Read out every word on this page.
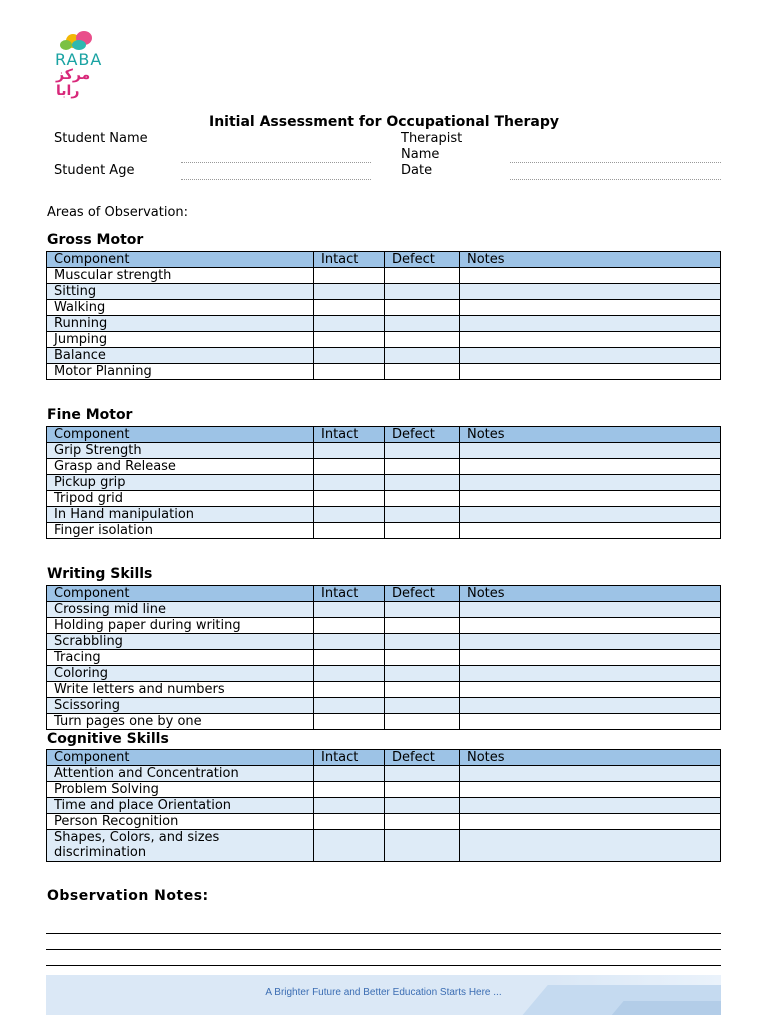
RABA
مركز رابا
Initial Assessment for Occupational Therapy
Student Name
Student Age
Therapist
Name
Date
Areas of Observation:
Gross Motor
Component	Intact	Defect	Notes
Muscular strength			
Sitting			
Walking			
Running			
Jumping			
Balance			
Motor Planning			
Fine Motor
Component	Intact	Defect	Notes
Grip Strength			
Grasp and Release			
Pickup grip			
Tripod grid			
In Hand manipulation			
Finger isolation			
Writing Skills
Component	Intact	Defect	Notes
Crossing mid line			
Holding paper during writing			
Scrabbling			
Tracing			
Coloring			
Write letters and numbers			
Scissoring			
Turn pages one by one			
Cognitive Skills
Component	Intact	Defect	Notes
Attention and Concentration			
Problem Solving			
Time and place Orientation			
Person Recognition			

Shapes, Colors, and sizes
discrimination			

Observation Notes:
A Brighter Future and Better Education Starts Here ...
